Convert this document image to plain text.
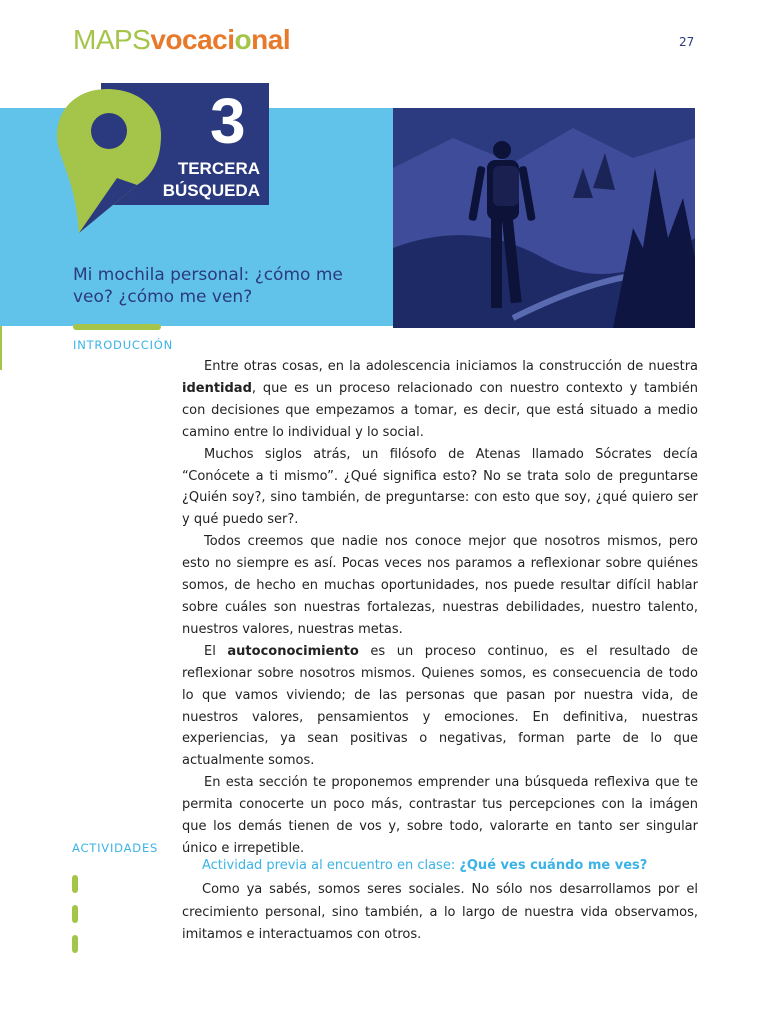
MAPSvocacional	27
3
TERCERA
BÚSQUEDA
Mi mochila personal: ¿cómo me veo? ¿cómo me ven?
INTRODUCCIÓN

Entre otras cosas, en la adolescencia iniciamos la construcción de nuestra identidad, que es un proceso relacionado con nuestro contexto y también con decisiones que empezamos a tomar, es decir, que está situado a medio camino entre lo individual y lo social.

Muchos siglos atrás, un filósofo de Atenas llamado Sócrates decía “Conócete a ti mismo”. ¿Qué significa esto? No se trata solo de preguntarse ¿Quién soy?, sino también, de preguntarse: con esto que soy, ¿qué quiero ser y qué puedo ser?.

Todos creemos que nadie nos conoce mejor que nosotros mismos, pero esto no siempre es así. Pocas veces nos paramos a reflexionar sobre quiénes somos, de hecho en muchas oportunidades, nos puede resultar difícil hablar sobre cuáles son nuestras fortalezas, nuestras debilidades, nuestro talento, nuestros valores, nuestras metas.

El autoconocimiento es un proceso continuo, es el resultado de reflexionar sobre nosotros mismos. Quienes somos, es consecuencia de todo lo que vamos viviendo; de las personas que pasan por nuestra vida, de nuestros valores, pensamientos y emociones. En definitiva, nuestras experiencias, ya sean positivas o negativas, forman parte de lo que actualmente somos.

En esta sección te proponemos emprender una búsqueda reflexiva que te permita conocerte un poco más, contrastar tus percepciones con la imágen que los demás tienen de vos y, sobre todo, valorarte en tanto ser singular único e irrepetible.

ACTIVIDADES
Actividad previa al encuentro en clase: ¿Qué ves cuándo me ves?

Como ya sabés, somos seres sociales. No sólo nos desarrollamos por el crecimiento personal, sino también, a lo largo de nuestra vida observamos, imitamos e interactuamos con otros.
